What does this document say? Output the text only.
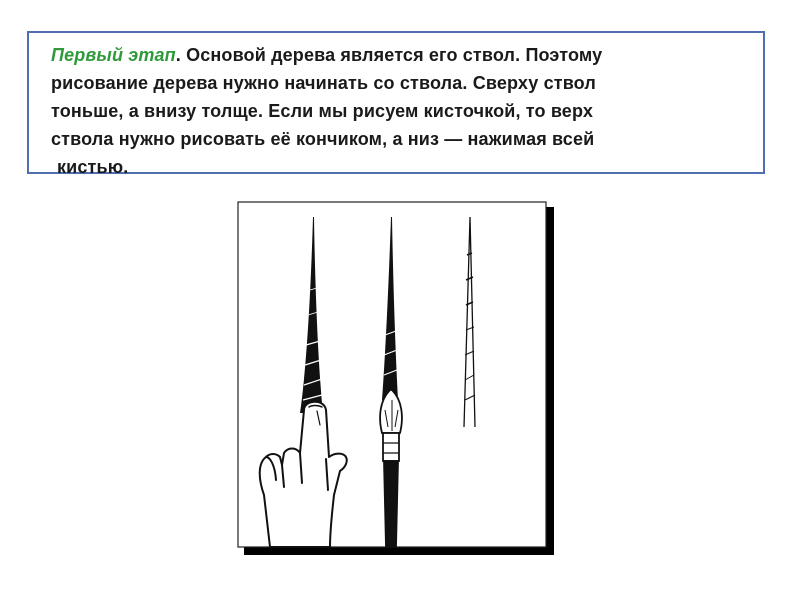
Первый этап. Основой дерева является его ствол. Поэтому
рисование дерева нужно начинать со ствола. Сверху ствол
тоньше, а внизу толще. Если мы рисуем кисточкой, то верх
ствола нужно рисовать её кончиком, а низ — нажимая всей
кистью.
